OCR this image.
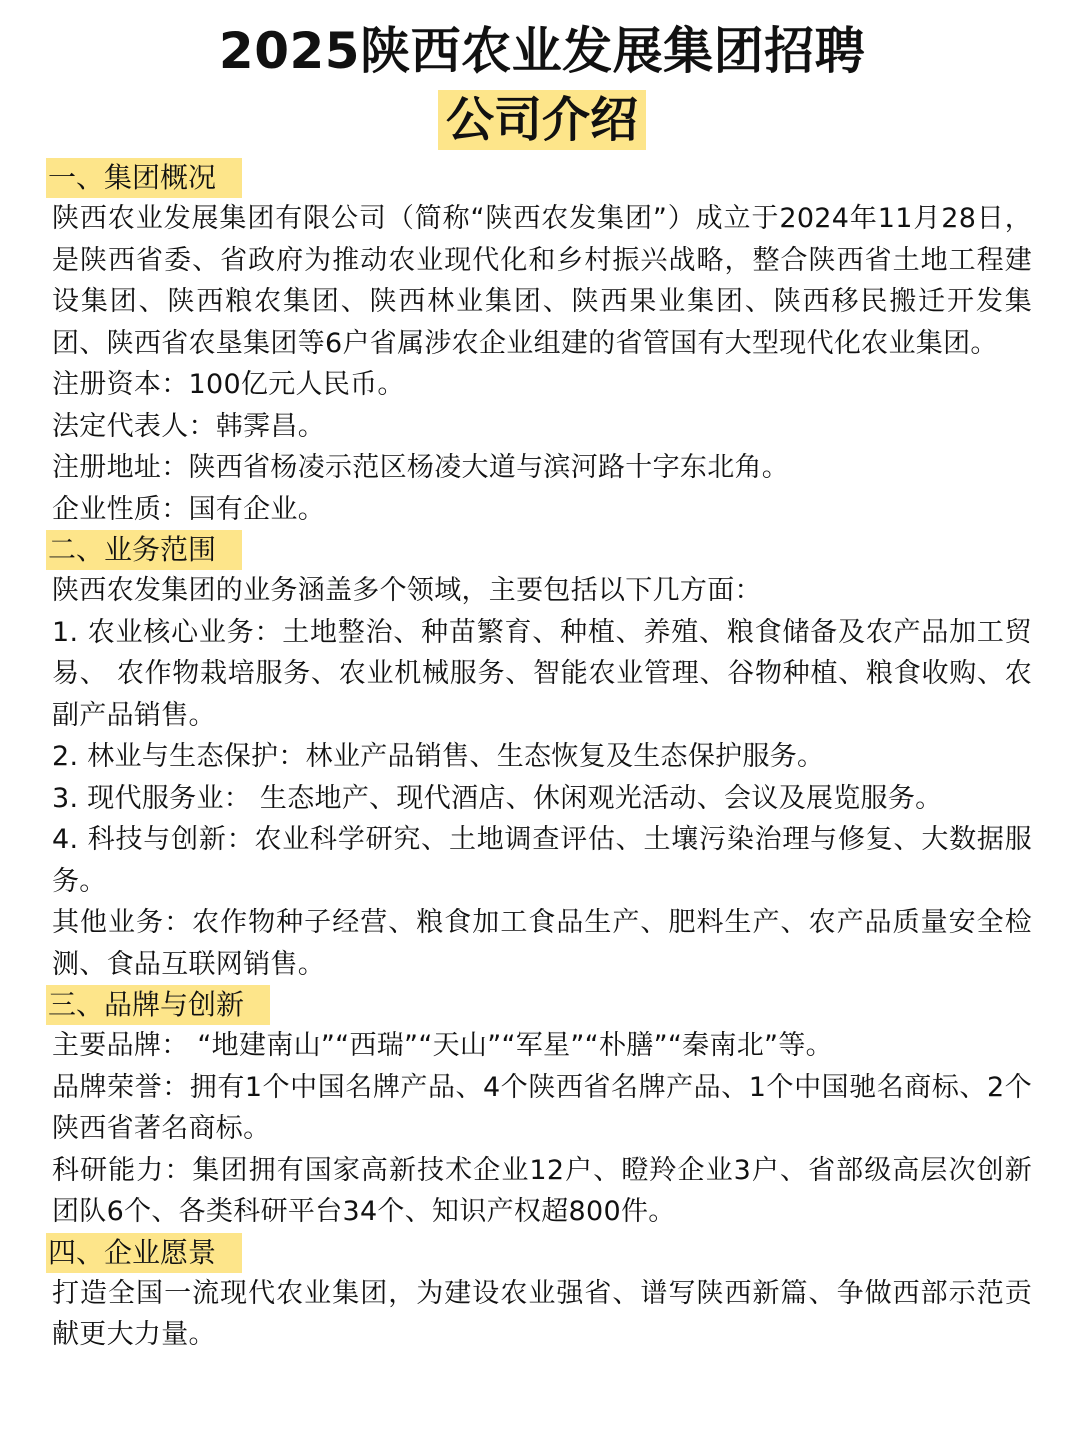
2025陕西农业发展集团招聘
公司介绍
一、集团概况

陕西农业发展集团有限公司（简称“陕西农发集团”）成立于2024年11月28日，是陕西省委、省政府为推动农业现代化和乡村振兴战略，整合陕西省土地工程建设集团、陕西粮农集团、陕西林业集团、陕西果业集团、陕西移民搬迁开发集团、陕西省农垦集团等6户省属涉农企业组建的省管国有大型现代化农业集团。

注册资本：100亿元人民币。

法定代表人：韩霁昌。

注册地址：陕西省杨凌示范区杨凌大道与滨河路十字东北角。

企业性质：国有企业。

二、业务范围

陕西农发集团的业务涵盖多个领域，主要包括以下几方面：

1. 农业核心业务：土地整治、种苗繁育、种植、养殖、粮食储备及农产品加工贸易、 农作物栽培服务、农业机械服务、智能农业管理、谷物种植、粮食收购、农副产品销售。

2. 林业与生态保护：林业产品销售、生态恢复及生态保护服务。

3. 现代服务业： 生态地产、现代酒店、休闲观光活动、会议及展览服务。

4. 科技与创新：农业科学研究、土地调查评估、土壤污染治理与修复、大数据服务。

其他业务：农作物种子经营、粮食加工食品生产、肥料生产、农产品质量安全检测、食品互联网销售。

三、品牌与创新

主要品牌： “地建南山”“西瑞”“天山”“军星”“朴膳”“秦南北”等。

品牌荣誉：拥有1个中国名牌产品、4个陕西省名牌产品、1个中国驰名商标、2个陕西省著名商标。

科研能力：集团拥有国家高新技术企业12户、瞪羚企业3户、省部级高层次创新团队6个、各类科研平台34个、知识产权超800件。

四、企业愿景

打造全国一流现代农业集团，为建设农业强省、谱写陕西新篇、争做西部示范贡献更大力量。
